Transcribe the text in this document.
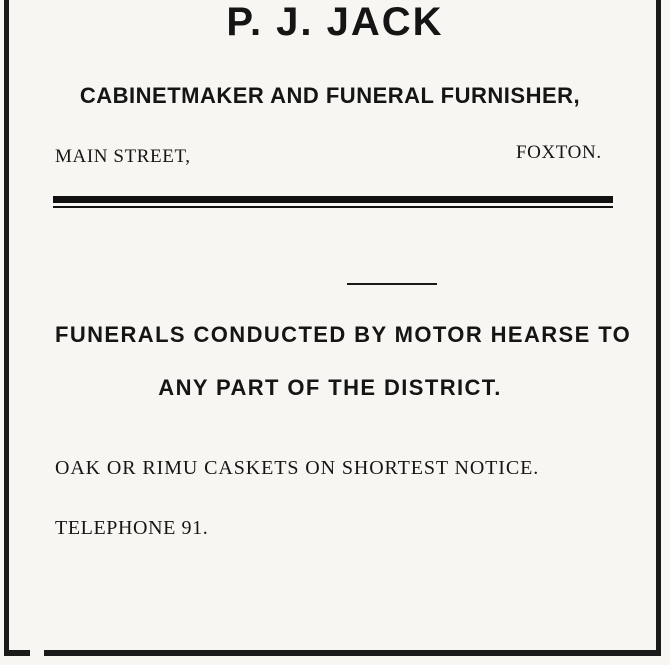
P. J. JACK
CABINETMAKER AND FUNERAL FURNISHER,
MAIN STREET,	FOXTON.
FUNERALS CONDUCTED BY MOTOR HEARSE TO
ANY PART OF THE DISTRICT.
OAK OR RIMU CASKETS ON SHORTEST NOTICE.
TELEPHONE 91.
